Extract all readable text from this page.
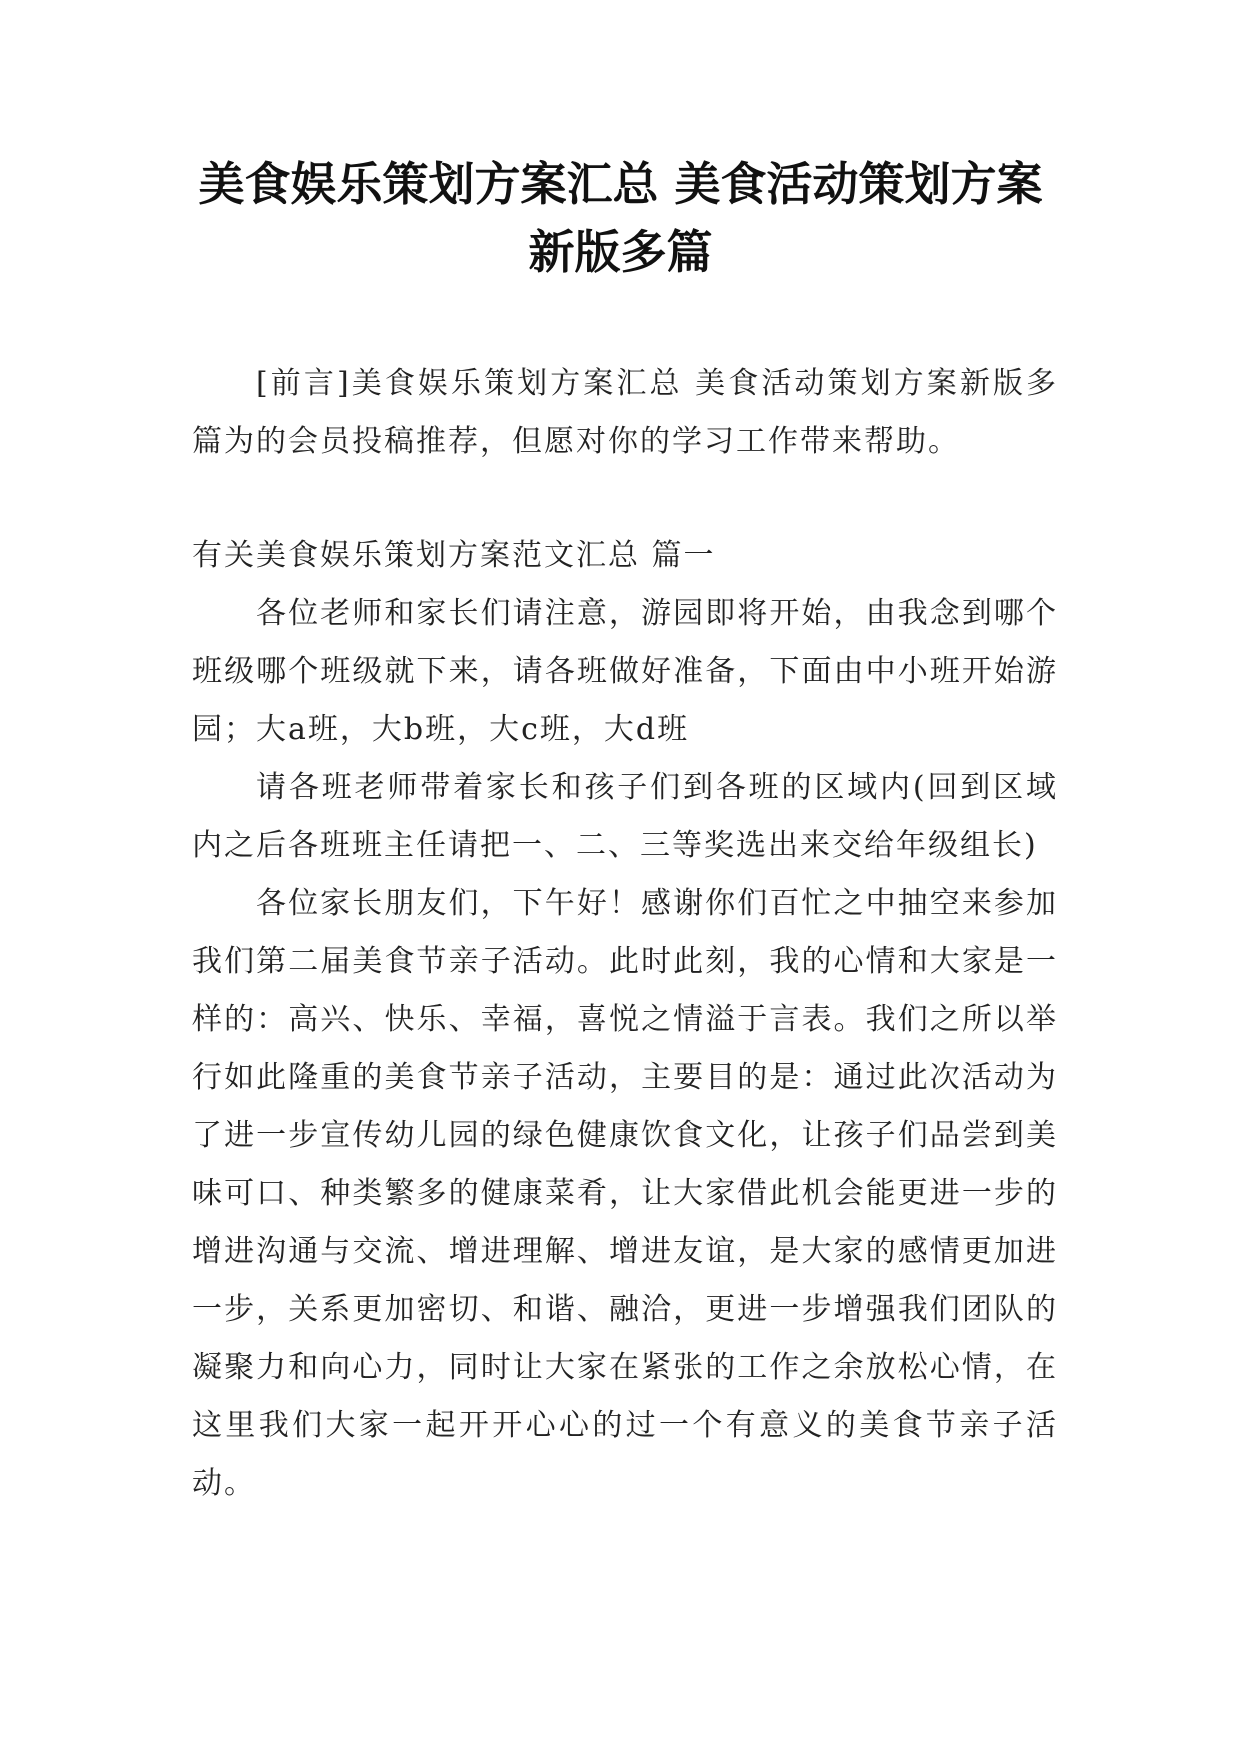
美食娱乐策划方案汇总 美食活动策划方案
新版多篇

[前言]美食娱乐策划方案汇总 美食活动策划方案新版多篇为的会员投稿推荐，但愿对你的学习工作带来帮助。

有关美食娱乐策划方案范文汇总 篇一

各位老师和家长们请注意，游园即将开始，由我念到哪个班级哪个班级就下来，请各班做好准备，下面由中小班开始游园；大a班，大b班，大c班，大d班

请各班老师带着家长和孩子们到各班的区域内(回到区域内之后各班班主任请把一、二、三等奖选出来交给年级组长)

各位家长朋友们，下午好！感谢你们百忙之中抽空来参加我们第二届美食节亲子活动。此时此刻，我的心情和大家是一样的：高兴、快乐、幸福，喜悦之情溢于言表。我们之所以举行如此隆重的美食节亲子活动，主要目的是：通过此次活动为了进一步宣传幼儿园的绿色健康饮食文化，让孩子们品尝到美味可口、种类繁多的健康菜肴，让大家借此机会能更进一步的增进沟通与交流、增进理解、增进友谊，是大家的感情更加进一步，关系更加密切、和谐、融洽，更进一步增强我们团队的凝聚力和向心力，同时让大家在紧张的工作之余放松心情，在这里我们大家一起开开心心的过一个有意义的美食节亲子活动。
